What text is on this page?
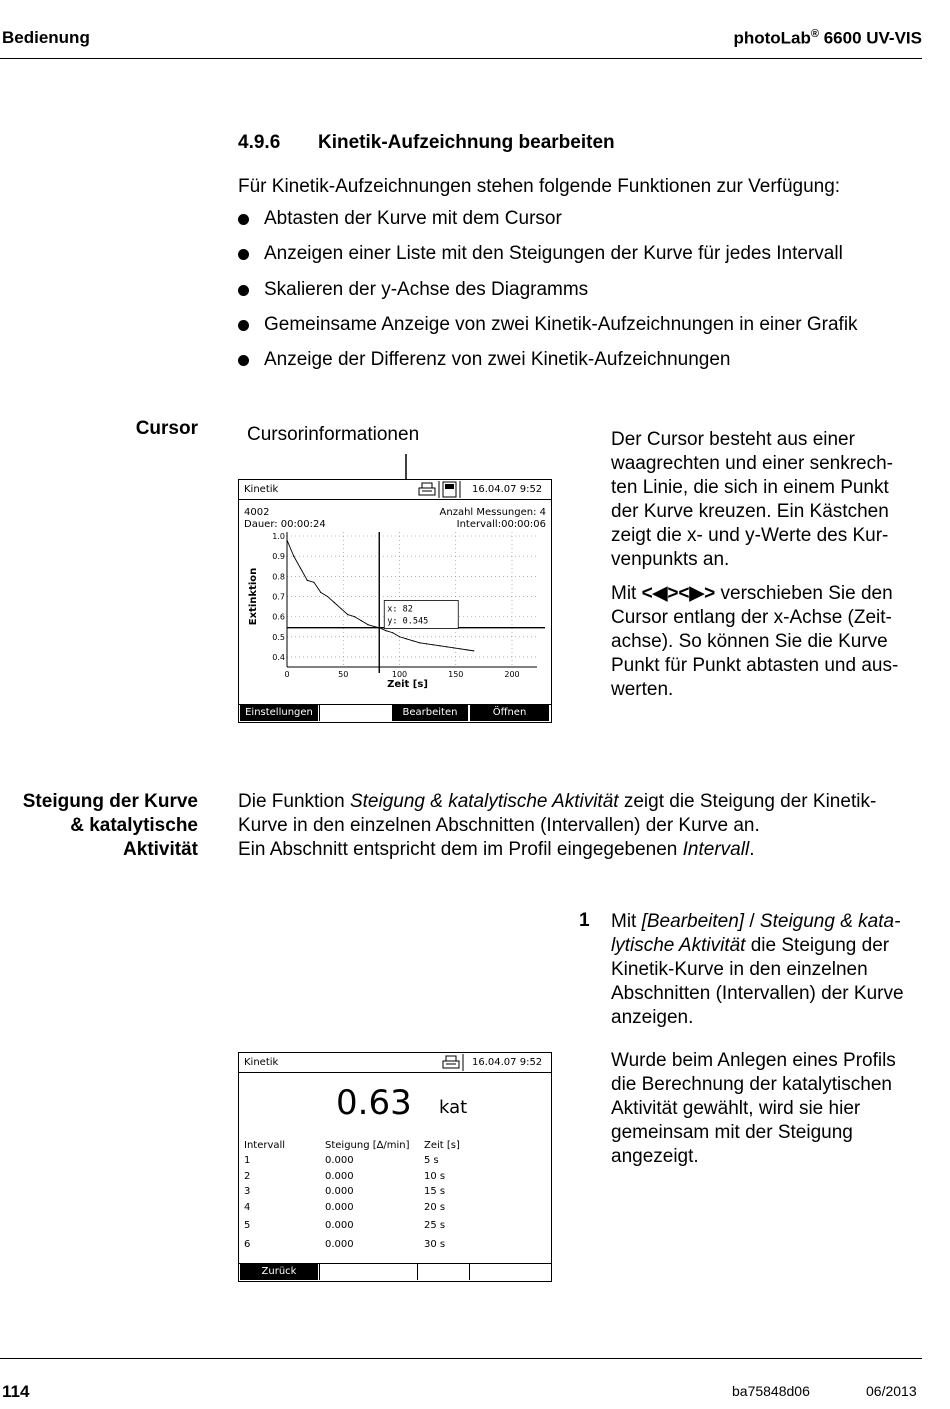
Bedienung	photoLab® 6600 UV-VIS
4.9.6 Kinetik-Aufzeichnung bearbeiten
Für Kinetik-Aufzeichnungen stehen folgende Funktionen zur Verfügung:
Abtasten der Kurve mit dem Cursor
Anzeigen einer Liste mit den Steigungen der Kurve für jedes Intervall
Skalieren der y-Achse des Diagramms
Gemeinsame Anzeige von zwei Kinetik-Aufzeichnungen in einer Grafik
Anzeige der Differenz von zwei Kinetik-Aufzeichnungen
Cursor	Cursorinformationen
Kinetik	16.04.07 9:52
4002
Dauer: 00:00:24
Anzahl Messungen: 4
Intervall:00:00:06
1.0
0.9
0.8
0.7
0.6
0.5
0.4
0	50	100	150	200
Zeit [s]
Extinktion	x: 82
y: 0.545
Einstellungen	Bearbeiten	Öffnen
Der Cursor besteht aus einer waagrechten und einer senkrech-ten Linie, die sich in einem Punkt der Kurve kreuzen. Ein Kästchen zeigt die x- und y-Werte des Kur-venpunkts an.
Mit <◀><▶> verschieben Sie den Cursor entlang der x-Achse (Zeit-achse). So können Sie die Kurve Punkt für Punkt abtasten und aus-werten.
Steigung der Kurve
& katalytische
Aktivität
Die Funktion Steigung & katalytische Aktivität zeigt die Steigung der Kinetik-
Kurve in den einzelnen Abschnitten (Intervallen) der Kurve an.
Ein Abschnitt entspricht dem im Profil eingegebenen Intervall.
1 Mit [Bearbeiten] / Steigung & kata-lytische Aktivität die Steigung der Kinetik-Kurve in den einzelnen Abschnitten (Intervallen) der Kurve anzeigen.
Wurde beim Anlegen eines Profils die Berechnung der katalytischen Aktivität gewählt, wird sie hier gemeinsam mit der Steigung angezeigt.
Kinetik	16.04.07 9:52
0.63 kat
Intervall	Steigung [∆/min] Zeit [s]
1	0.000	5 s
2	0.000	10 s
3	0.000	15 s
4	0.000	20 s
5	0.000	25 s
6	0.000	30 s
Zurück
114	ba75848d06	06/2013
